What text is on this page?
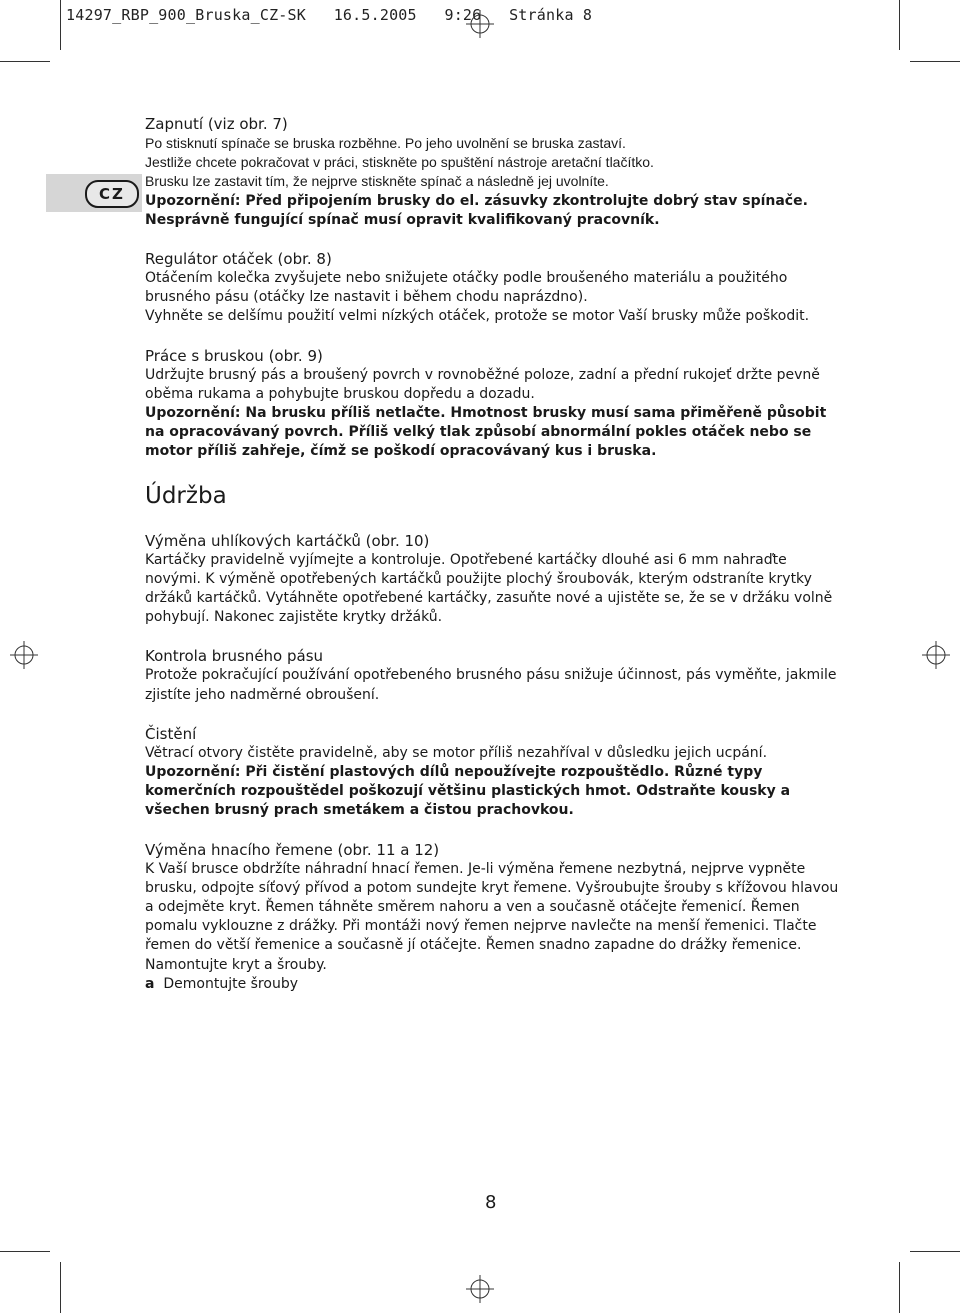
14297_RBP_900_Bruska_CZ-SK   16.5.2005   9:26   Stránka 8
CZ
Zapnutí (viz obr. 7)

Po stisknutí spínače se bruska rozběhne. Po jeho uvolnění se bruska zastaví.

Jestliže chcete pokračovat v práci, stiskněte po spuštění nástroje aretační tlačítko.

Brusku lze zastavit tím, že nejprve stiskněte spínač a následně jej uvolníte.

Upozornění: Před připojením brusky do el. zásuvky zkontrolujte dobrý stav spínače.

Nesprávně fungující spínač musí opravit kvalifikovaný pracovník.

Regulátor otáček (obr. 8)

Otáčením kolečka zvyšujete nebo snižujete otáčky podle broušeného materiálu a použitého brusného pásu (otáčky lze nastavit i během chodu naprázdno).

Vyhněte se delšímu použití velmi nízkých otáček, protože se motor Vaší brusky může poškodit.

Práce s bruskou (obr. 9)

Udržujte brusný pás a broušený povrch v rovnoběžné poloze, zadní a přední rukojeť držte pevně oběma rukama a pohybujte bruskou dopředu a dozadu.

Upozornění: Na brusku příliš netlačte. Hmotnost brusky musí sama přiměřeně působit na opracovávaný povrch. Příliš velký tlak způsobí abnormální pokles otáček nebo se motor příliš zahřeje, čímž se poškodí opracovávaný kus i bruska.

Údržba
Výměna uhlíkových kartáčků (obr. 10)

Kartáčky pravidelně vyjímejte a kontroluje. Opotřebené kartáčky dlouhé asi 6 mm nahraďte novými. K výměně opotřebených kartáčků použijte plochý šroubovák, kterým odstraníte krytky držáků kartáčků. Vytáhněte opotřebené kartáčky, zasuňte nové a ujistěte se, že se v držáku volně pohybují. Nakonec zajistěte krytky držáků.

Kontrola brusného pásu

Protože pokračující používání opotřebeného brusného pásu snižuje účinnost, pás vyměňte, jakmile zjistíte jeho nadměrné obroušení.

Čistění

Větrací otvory čistěte pravidelně, aby se motor příliš nezahříval v důsledku jejich ucpání.

Upozornění: Při čistění plastových dílů nepoužívejte rozpouštědlo. Různé typy komerčních rozpouštědel poškozují většinu plastických hmot. Odstraňte kousky a všechen brusný prach smetákem a čistou prachovkou.

Výměna hnacího řemene (obr. 11 a 12)

K Vaší brusce obdržíte náhradní hnací řemen. Je-li výměna řemene nezbytná, nejprve vypněte brusku, odpojte síťový přívod a potom sundejte kryt řemene. Vyšroubujte šrouby s křížovou hlavou a odejměte kryt. Řemen táhněte směrem nahoru a ven a současně otáčejte řemenicí. Řemen pomalu vyklouzne z drážky. Při montáži nový řemen nejprve navlečte na menší řemenici. Tlačte řemen do větší řemenice a současně jí otáčejte. Řemen snadno zapadne do drážky řemenice. Namontujte kryt a šrouby.

a Demontujte šrouby

8
